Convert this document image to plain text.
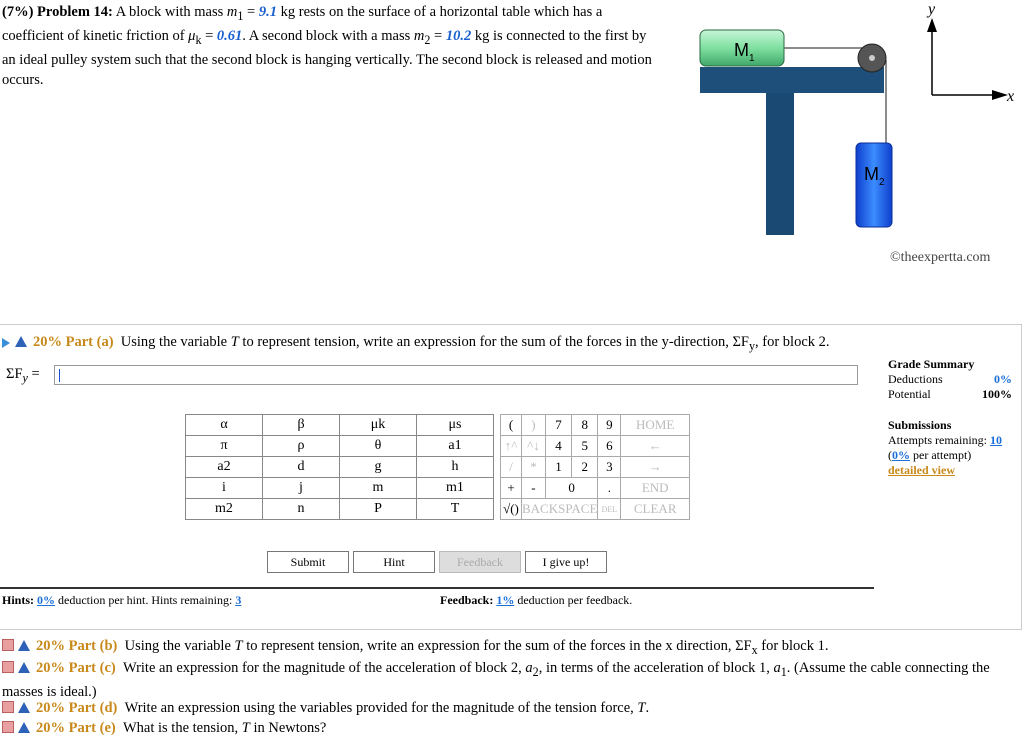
(7%) Problem 14: A block with mass $m_1 = 9.1$ kg rests on the surface of a horizontal table which has a coefficient of kinetic friction of $\mu_k = 0.61$. A second block with a mass $m_2 = 10.2$ kg is connected to the first by an ideal pulley system such that the second block is hanging vertically. The second block is released and motion occurs.
$M_1$
$M_2$
y
x
©theexpertta.com
20% Part (a) Using the variable T to represent tension, write an expression for the sum of the forces in the y-direction, $\Sigma F_y$, for block 2.
$\Sigma F_y$ =
Grade Summary
Deductions	0%
Potential	100%
Submissions
Attempts remaining: 10
(0% per attempt)
detailed view
α	β	μk	μs
π	ρ	θ	a1
a2	d	g	h
i	j	m	m1
m2	n	P	T
(	)	7	8	9	HOME
↑^	^↓	4	5	6	←
/	*	1	2	3	→
+	-	0		.	END
√()	BACKSPACE			DEL	CLEAR
Submit	Hint	Feedback	I give up!
Hints: 0% deduction per hint. Hints remaining: 3	Feedback: 1% deduction per feedback.
20% Part (b) Using the variable T to represent tension, write an expression for the sum of the forces in the x direction, $\Sigma F_x$ for block 1.
20% Part (c) Write an expression for the magnitude of the acceleration of block 2, $a_2$, in terms of the acceleration of block 1, $a_1$. (Assume the cable connecting the masses is ideal.)
20% Part (d) Write an expression using the variables provided for the magnitude of the tension force, T.
20% Part (e) What is the tension, T in Newtons?
